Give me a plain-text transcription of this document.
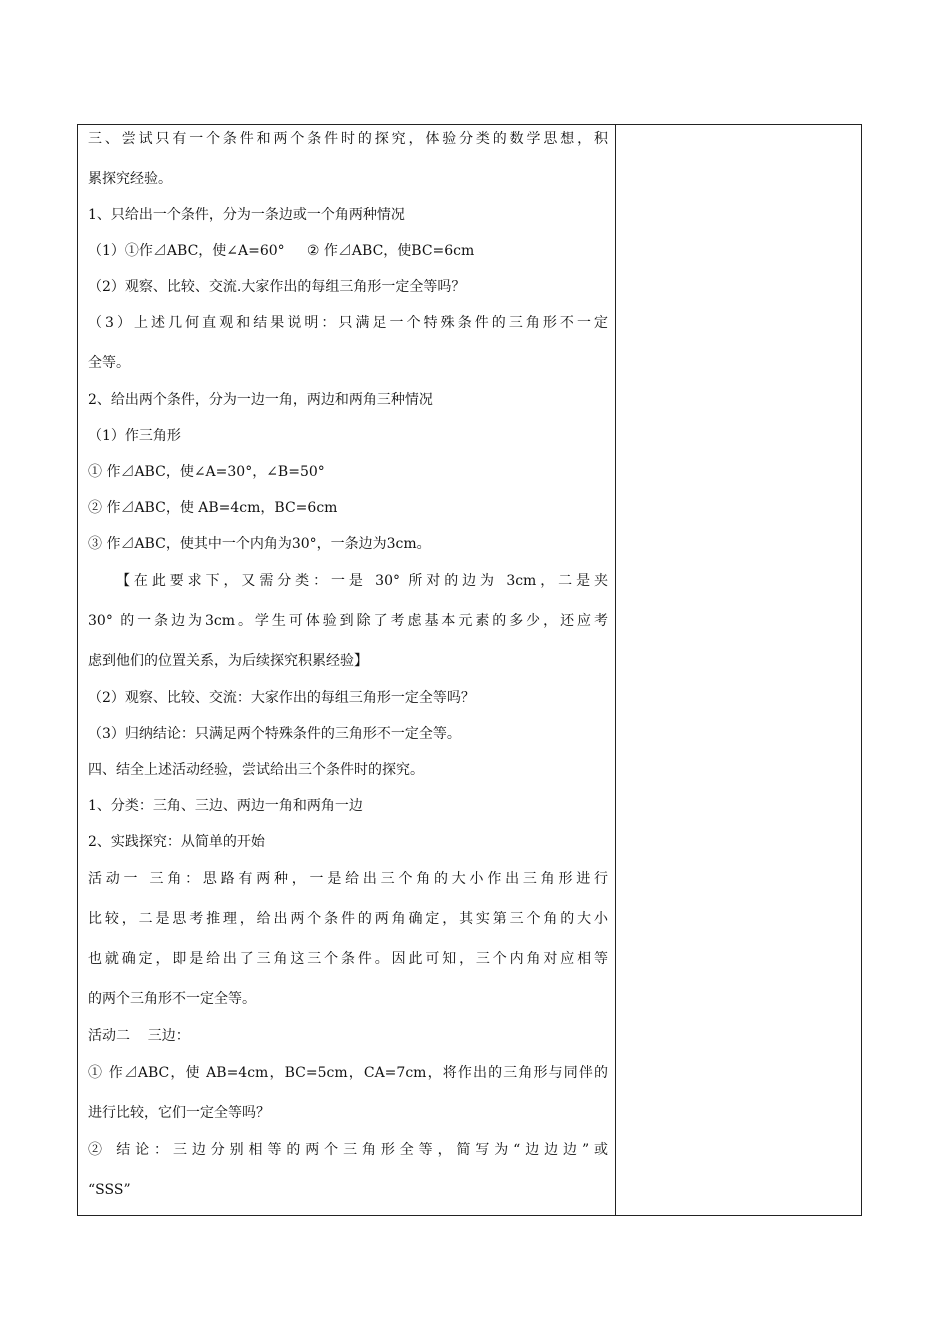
三、尝试只有一个条件和两个条件时的探究，体验分类的数学思想，积
累探究经验。
1、只给出一个条件，分为一条边或一个角两种情况
（1）①作⊿ABC，使∠A=60°     ② 作⊿ABC，使BC=6cm
（2）观察、比较、交流.大家作出的每组三角形一定全等吗？
（3）上述几何直观和结果说明：只满足一个特殊条件的三角形不一定
全等。
2、给出两个条件，分为一边一角，两边和两角三种情况
（1）作三角形
① 作⊿ABC，使∠A=30°，∠B=50°
② 作⊿ABC，使 AB=4cm，BC=6cm
③ 作⊿ABC，使其中一个内角为30°，一条边为3cm。
【在此要求下，又需分类：一是 30° 所对的边为 3cm，二是夹
30° 的一条边为3cm。学生可体验到除了考虑基本元素的多少，还应考
虑到他们的位置关系，为后续探究积累经验】
（2）观察、比较、交流：大家作出的每组三角形一定全等吗？
（3）归纳结论：只满足两个特殊条件的三角形不一定全等。
四、结全上述活动经验，尝试给出三个条件时的探究。
1、分类：三角、三边、两边一角和两角一边
2、实践探究：从简单的开始
活动一 三角：思路有两种，一是给出三个角的大小作出三角形进行
比较，二是思考推理，给出两个条件的两角确定，其实第三个角的大小
也就确定，即是给出了三角这三个条件。因此可知，三个内角对应相等
的两个三角形不一定全等。
活动二    三边：
① 作⊿ABC，使 AB=4cm，BC=5cm，CA=7cm，将作出的三角形与同伴的
进行比较，它们一定全等吗？
② 结论：三边分别相等的两个三角形全等，简写为“边边边”或
“SSS”
